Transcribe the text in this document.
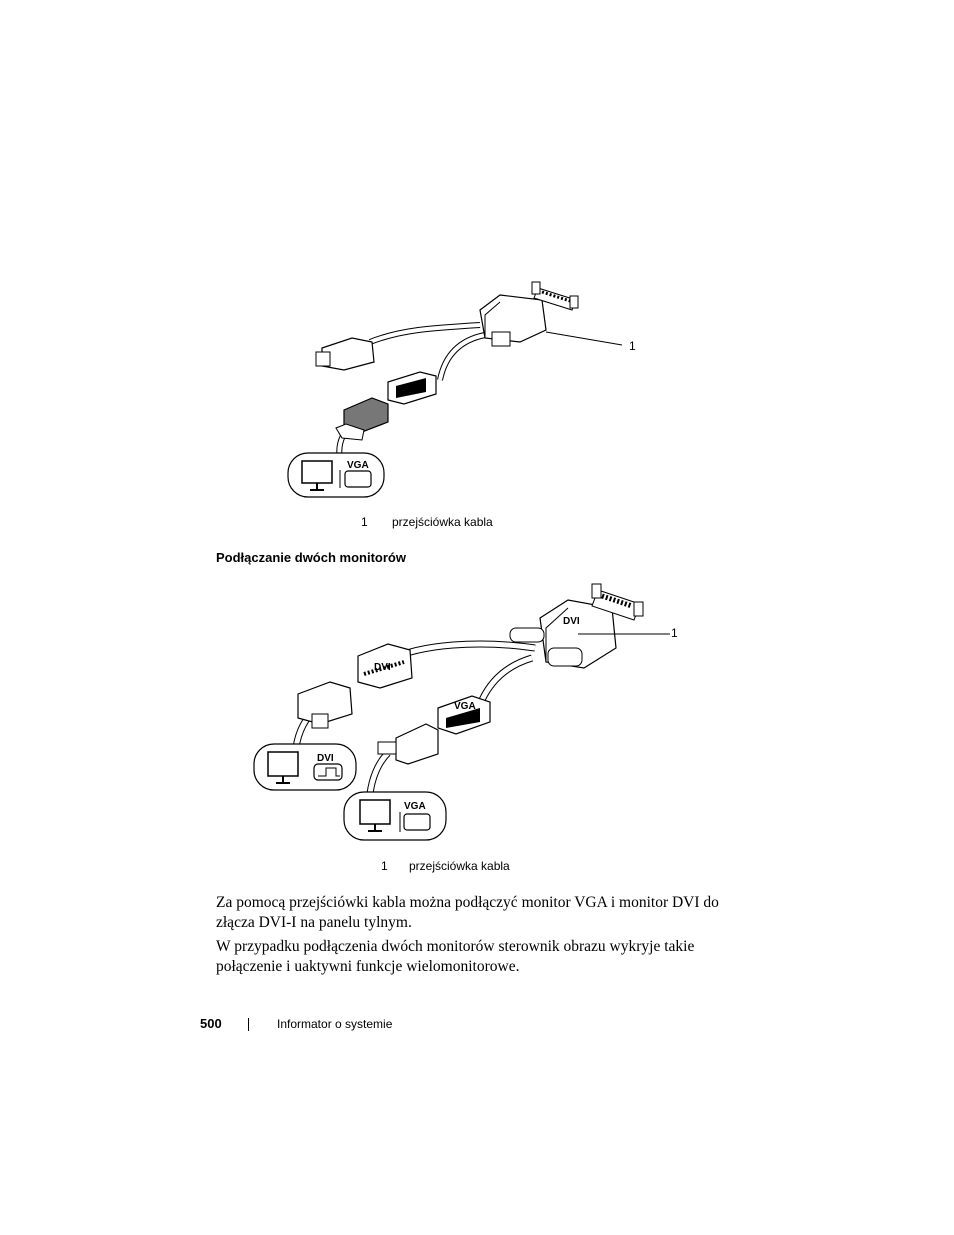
VGA
1
1 przejściówka kabla
Podłączanie dwóch monitorów
DVI
DVI
VGA
DVI
VGA
1
1 przejściówka kabla
Za pomocą przejściówki kabla można podłączyć monitor VGA i monitor DVI do złącza DVI-I na panelu tylnym.
W przypadku podłączenia dwóch monitorów sterownik obrazu wykryje takie połączenie i uaktywni funkcje wielomonitorowe.
500	Informator o systemie
